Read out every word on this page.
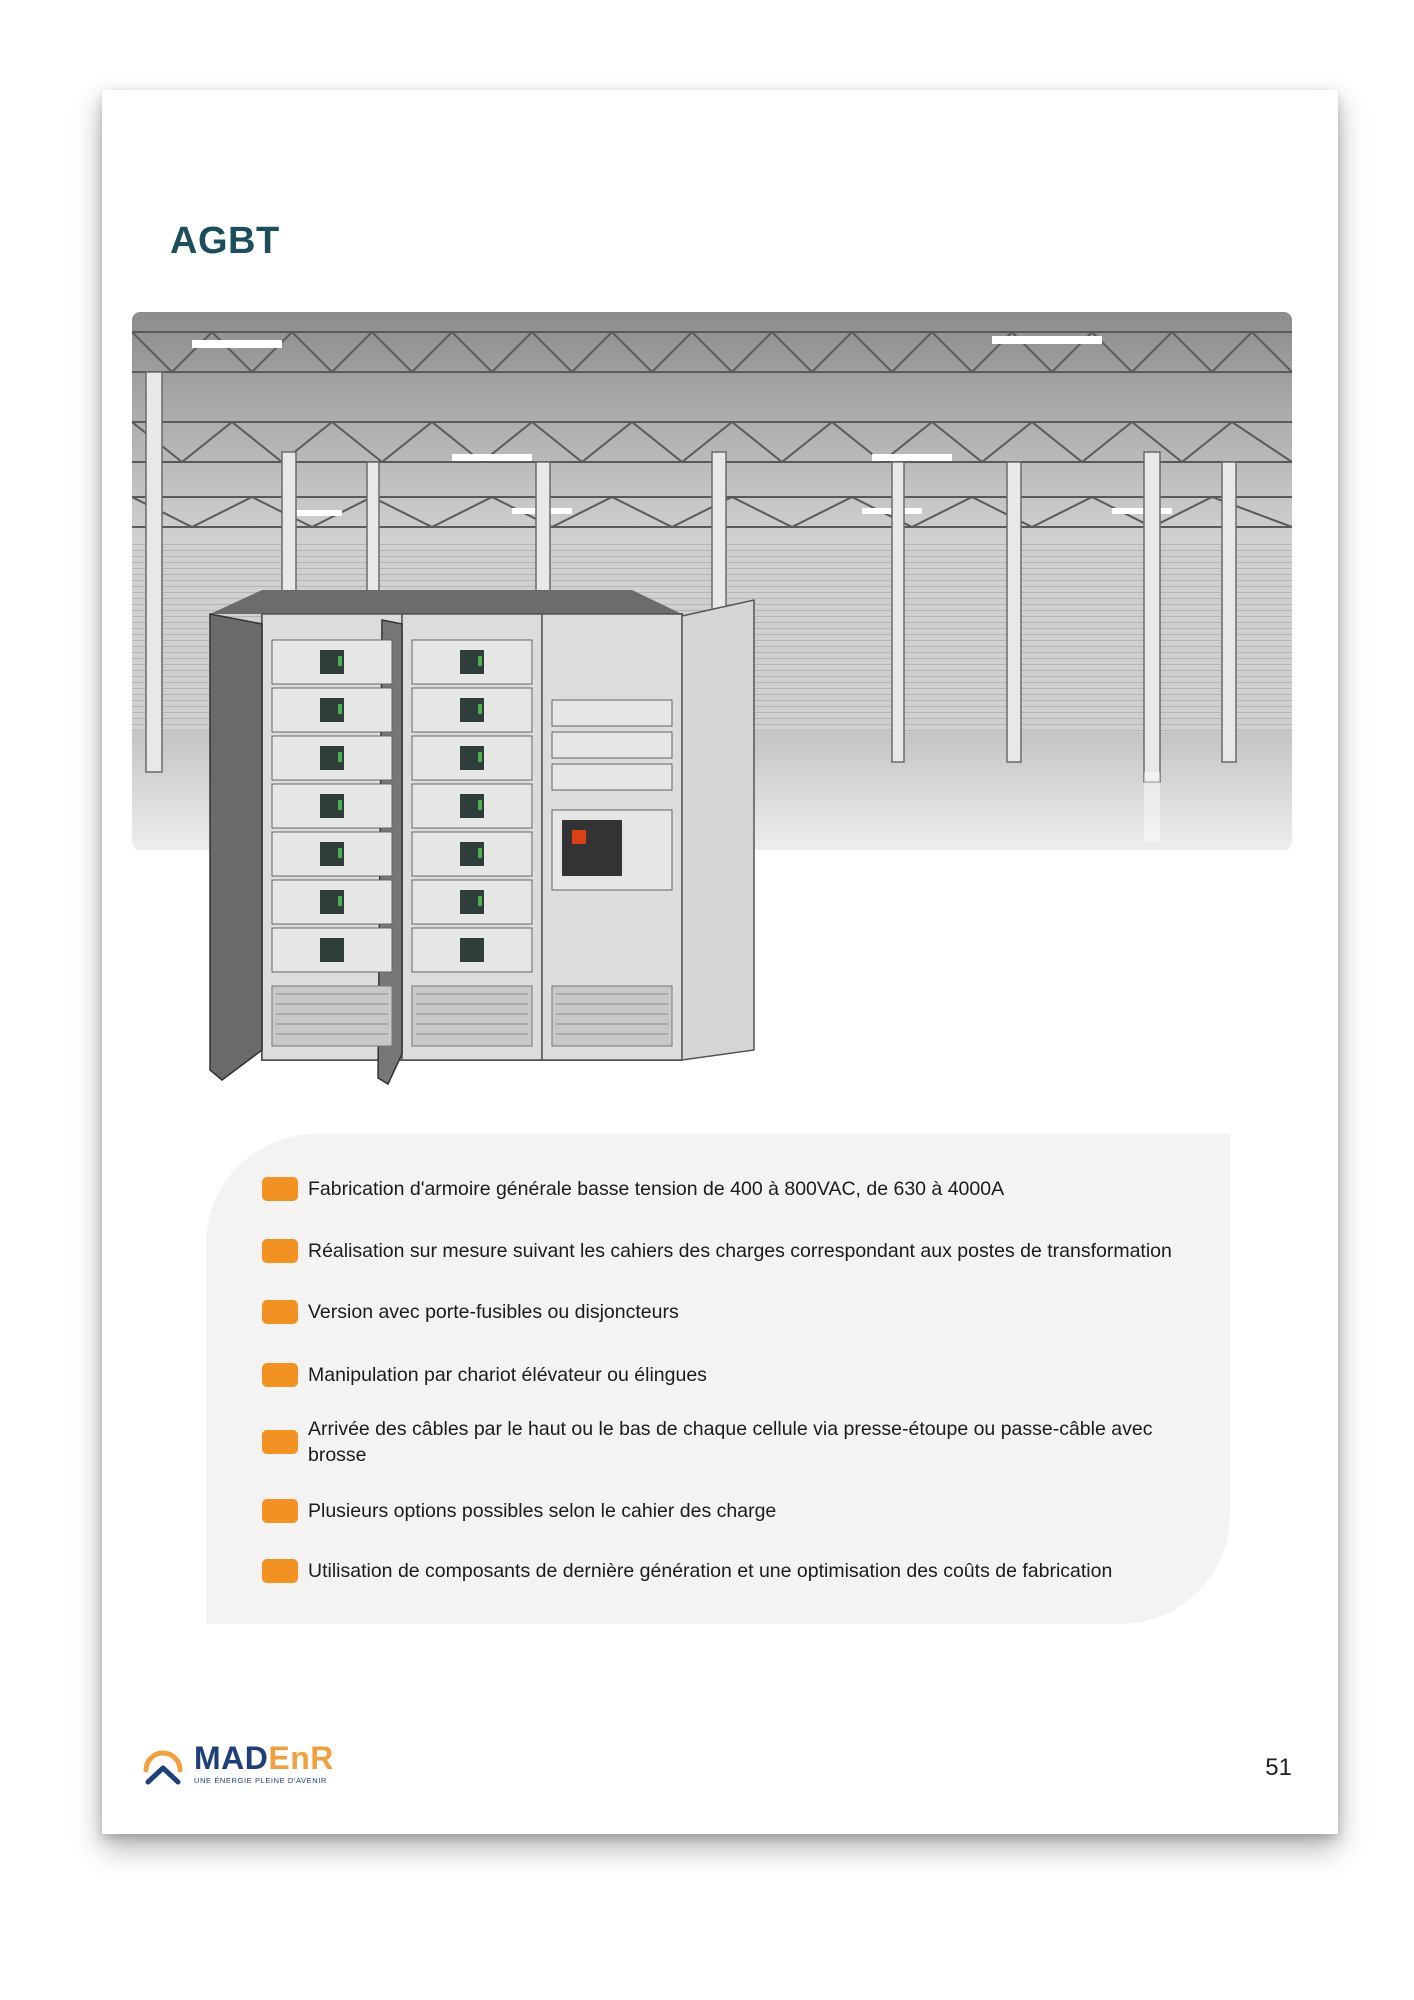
AGBT
Fabrication d'armoire générale basse tension de 400 à 800VAC, de 630 à 4000A
Réalisation sur mesure suivant les cahiers des charges correspondant aux postes de transformation
Version avec porte-fusibles ou disjoncteurs
Manipulation par chariot élévateur ou élingues
Arrivée des câbles par le haut ou le bas de chaque cellule via presse-étoupe ou passe-câble avec brosse
Plusieurs options possibles selon le cahier des charge
Utilisation de composants de dernière génération et une optimisation des coûts de fabrication
MADEnR
UNE ÉNERGIE PLEINE D'AVENIR	51
